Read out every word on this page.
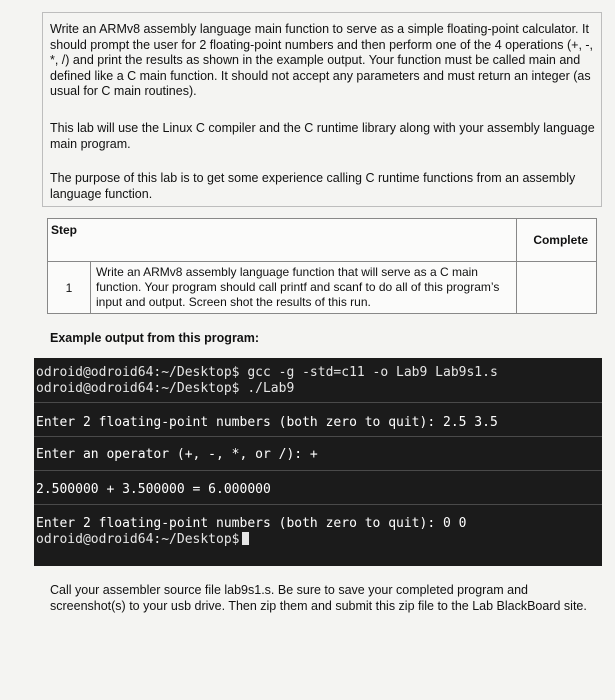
Write an ARMv8 assembly language main function to serve as a simple floating-point calculator. It should prompt the user for 2 floating-point numbers and then perform one of the 4 operations (+, -, *, /) and print the results as shown in the example output. Your function must be called main and defined like a C main function. It should not accept any parameters and must return an integer (as usual for C main routines).

This lab will use the Linux C compiler and the C runtime library along with your assembly language main program.

The purpose of this lab is to get some experience calling C runtime functions from an assembly language function.

Step		Complete
1	Write an ARMv8 assembly language function that will serve as a C main function. Your program should call printf and scanf to do all of this program’s input and output. Screen shot the results of this run.	

Example output from this program:

odroid@odroid64:~/Desktop$ gcc -g -std=c11 -o Lab9 Lab9s1.s
odroid@odroid64:~/Desktop$ ./Lab9
Enter 2 floating-point numbers (both zero to quit): 2.5 3.5
Enter an operator (+, -, *, or /): +
2.500000 + 3.500000 = 6.000000
Enter 2 floating-point numbers (both zero to quit): 0 0
odroid@odroid64:~/Desktop$

Call your assembler source file lab9s1.s. Be sure to save your completed program and screenshot(s) to your usb drive. Then zip them and submit this zip file to the Lab BlackBoard site.
